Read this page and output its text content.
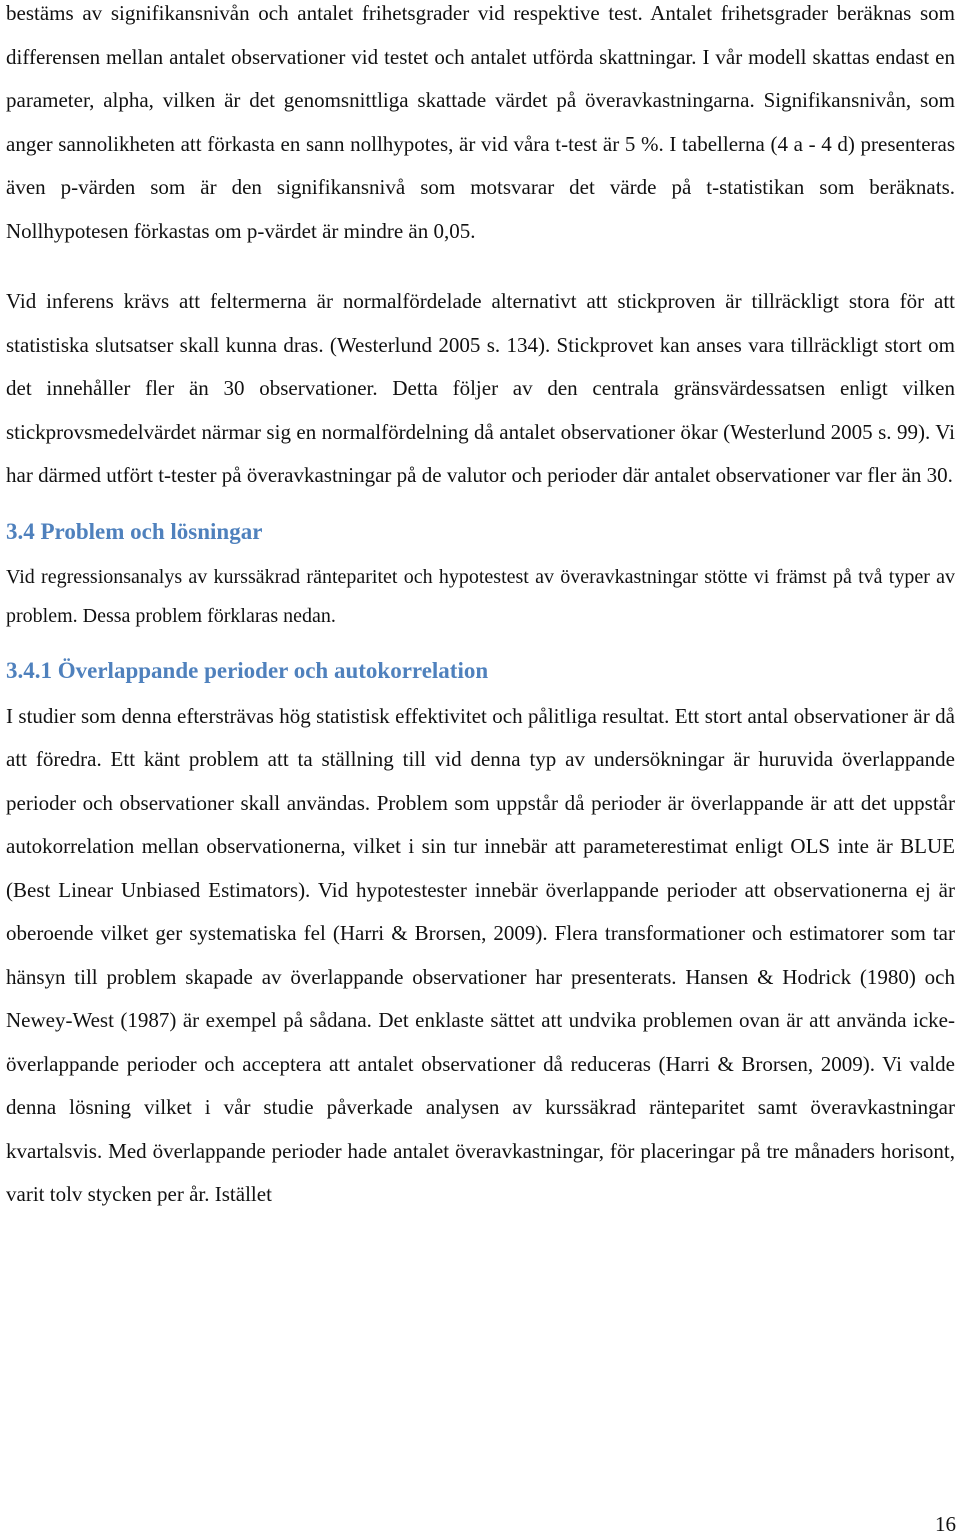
bestäms av signifikansnivån och antalet frihetsgrader vid respektive test. Antalet frihetsgrader beräknas som differensen mellan antalet observationer vid testet och antalet utförda skattningar. I vår modell skattas endast en parameter, alpha, vilken är det genomsnittliga skattade värdet på överavkastningarna. Signifikansnivån, som anger sannolikheten att förkasta en sann nollhypotes, är vid våra t-test är 5 %. I tabellerna (4 a - 4 d) presenteras även p-värden som är den signifikansnivå som motsvarar det värde på t-statistikan som beräknats. Nollhypotesen förkastas om p-värdet är mindre än 0,05.

Vid inferens krävs att feltermerna är normalfördelade alternativt att stickproven är tillräckligt stora för att statistiska slutsatser skall kunna dras. (Westerlund 2005 s. 134). Stickprovet kan anses vara tillräckligt stort om det innehåller fler än 30 observationer. Detta följer av den centrala gränsvärdessatsen enligt vilken stickprovsmedelvärdet närmar sig en normalfördelning då antalet observationer ökar (Westerlund 2005 s. 99). Vi har därmed utfört t-tester på överavkastningar på de valutor och perioder där antalet observationer var fler än 30.

3.4 Problem och lösningar

Vid regressionsanalys av kurssäkrad ränteparitet och hypotestest av överavkastningar stötte vi främst på två typer av problem. Dessa problem förklaras nedan.

3.4.1 Överlappande perioder och autokorrelation

I studier som denna eftersträvas hög statistisk effektivitet och pålitliga resultat. Ett stort antal observationer är då att föredra. Ett känt problem att ta ställning till vid denna typ av undersökningar är huruvida överlappande perioder och observationer skall användas. Problem som uppstår då perioder är överlappande är att det uppstår autokorrelation mellan observationerna, vilket i sin tur innebär att parameterestimat enligt OLS inte är BLUE (Best Linear Unbiased Estimators). Vid hypotestester innebär överlappande perioder att observationerna ej är oberoende vilket ger systematiska fel (Harri & Brorsen, 2009). Flera transformationer och estimatorer som tar hänsyn till problem skapade av överlappande observationer har presenterats. Hansen & Hodrick (1980) och Newey-West (1987) är exempel på sådana. Det enklaste sättet att undvika problemen ovan är att använda icke-överlappande perioder och acceptera att antalet observationer då reduceras (Harri & Brorsen, 2009). Vi valde denna lösning vilket i vår studie påverkade analysen av kurssäkrad ränteparitet samt överavkastningar kvartalsvis. Med överlappande perioder hade antalet överavkastningar, för placeringar på tre månaders horisont, varit tolv stycken per år. Istället

16
